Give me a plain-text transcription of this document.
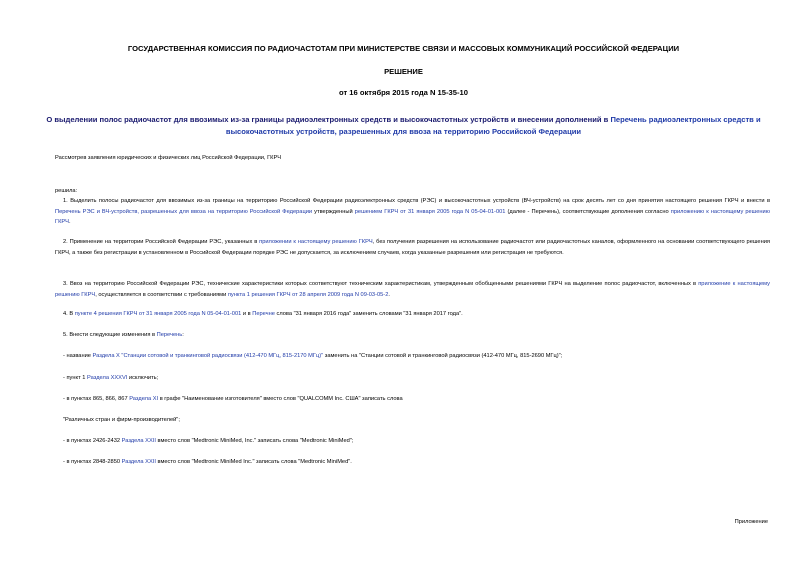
ГОСУДАРСТВЕННАЯ КОМИССИЯ ПО РАДИОЧАСТОТАМ ПРИ МИНИСТЕРСТВЕ СВЯЗИ И МАССОВЫХ КОММУНИКАЦИЙ РОССИЙСКОЙ ФЕДЕРАЦИИ
РЕШЕНИЕ
от 16 октября 2015 года N 15-35-10
О выделении полос радиочастот для ввозимых из-за границы радиоэлектронных средств и высокочастотных устройств и внесении дополнений в Перечень радиоэлектронных средств и высокочастотных устройств, разрешенных для ввоза на территорию Российской Федерации
Рассмотрев заявления юридических и физических лиц Российской Федерации, ГКРЧ
решила:
1. Выделить полосы радиочастот для ввозимых из-за границы на территорию Российской Федерации радиоэлектронных средств (РЭС) и высокочастотных устройств (ВЧ-устройств) на срок десять лет со дня принятия настоящего решения ГКРЧ и внести в Перечень РЭС и ВЧ-устройств, разрешенных для ввоза на территорию Российской Федерации утвержденный решением ГКРЧ от 31 января 2005 года N 05-04-01-001 (далее - Перечень), соответствующие дополнения согласно приложению к настоящему решению ГКРЧ.
2. Применение на территории Российской Федерации РЭС, указанных в приложении к настоящему решению ГКРЧ, без получения разрешения на использование радиочастот или радиочастотных каналов, оформленного на основании соответствующего решения ГКРЧ, а также без регистрации в установленном в Российской Федерации порядке РЭС не допускается, за исключением случаев, когда указанные разрешения или регистрация не требуются.
3. Ввоз на территорию Российской Федерации РЭС, технические характеристики которых соответствуют техническим характеристикам, утвержденным обобщенными решениями ГКРЧ на выделение полос радиочастот, включенных в приложение к настоящему решению ГКРЧ, осуществляется в соответствии с требованиями пункта 1 решения ГКРЧ от 28 апреля 2009 года N 09-03-05-2.
4. В пункте 4 решения ГКРЧ от 31 января 2005 года N 05-04-01-001 и в Перечне слова "31 января 2016 года" заменить словами "31 января 2017 года".
5. Внести следующие изменения в Перечень:
- название Раздела X "Станции сотовой и транкинговой радиосвязи (412-470 МГц, 815-2170 МГц)" заменить на "Станции сотовой и транкинговой радиосвязи (412-470 МГц, 815-2690 МГц)";
- пункт 1 Раздела XXXVI исключить;
- в пунктах 865, 866, 867 Раздела XI в графе "Наименование изготовителя" вместо слов "QUALCOMM Inc. США" записать слова
"Различных стран и фирм-производителей";
- в пунктах 2426-2432 Раздела XXII вместо слов "Medtronic MiniMed, Inc." записать слова "Medtronic MiniMed";
- в пунктах 2848-2850 Раздела XXII вместо слов "Medtronic MiniMed Inc." записать слова "Medtronic MiniMed".
Приложение
